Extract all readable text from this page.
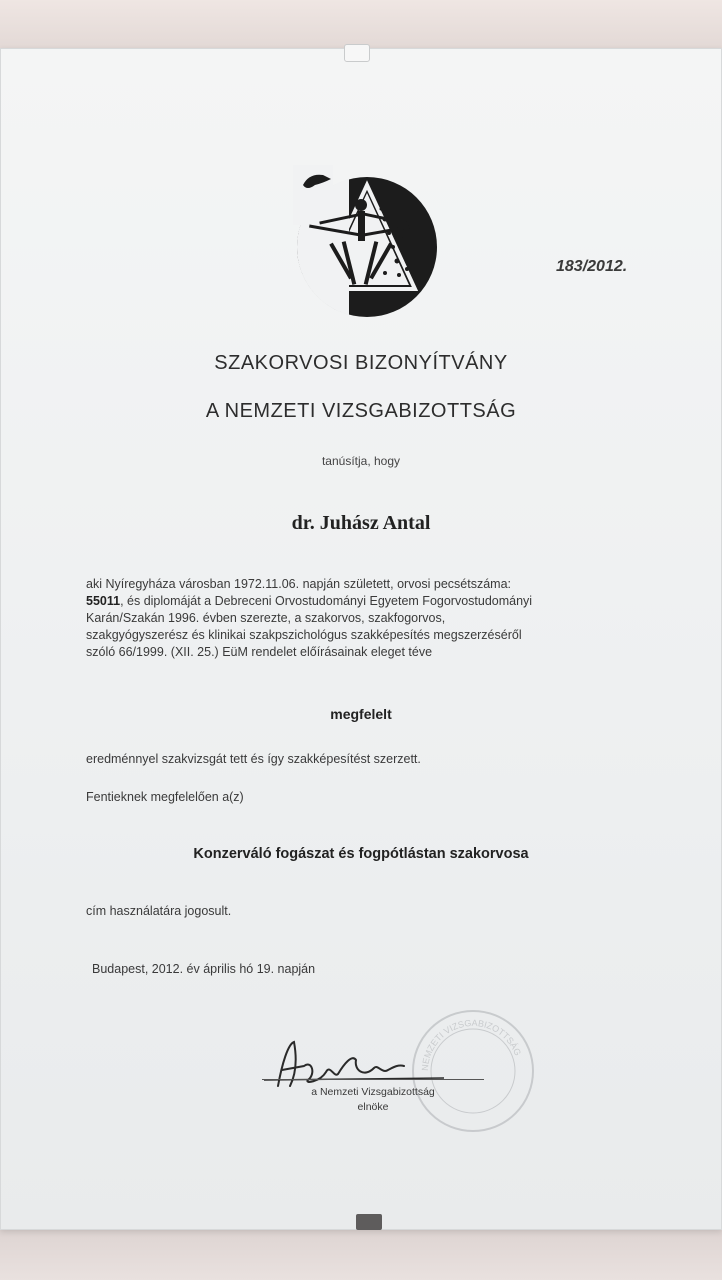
183/2012.
SZAKORVOSI BIZONYÍTVÁNY
A NEMZETI VIZSGABIZOTTSÁG
tanúsítja, hogy
dr. Juhász Antal
aki Nyíregyháza városban 1972.11.06. napján született, orvosi pecsétszáma:
55011, és diplomáját a Debreceni Orvostudományi Egyetem Fogorvostudományi
Karán/Szakán 1996. évben szerezte, a szakorvos, szakfogorvos,
szakgyógyszerész és klinikai szakpszichológus szakképesítés megszerzéséről
szóló 66/1999. (XII. 25.) EüM rendelet előírásainak eleget téve
megfelelt
eredménnyel szakvizsgát tett és így szakképesítést szerzett.
Fentieknek megfelelően a(z)
Konzerváló fogászat és fogpótlástan szakorvosa
cím használatára jogosult.
Budapest, 2012. év április hó 19. napján
NEMZETI VIZSGABIZOTTSÁG
a Nemzeti Vizsgabizottság
elnöke
